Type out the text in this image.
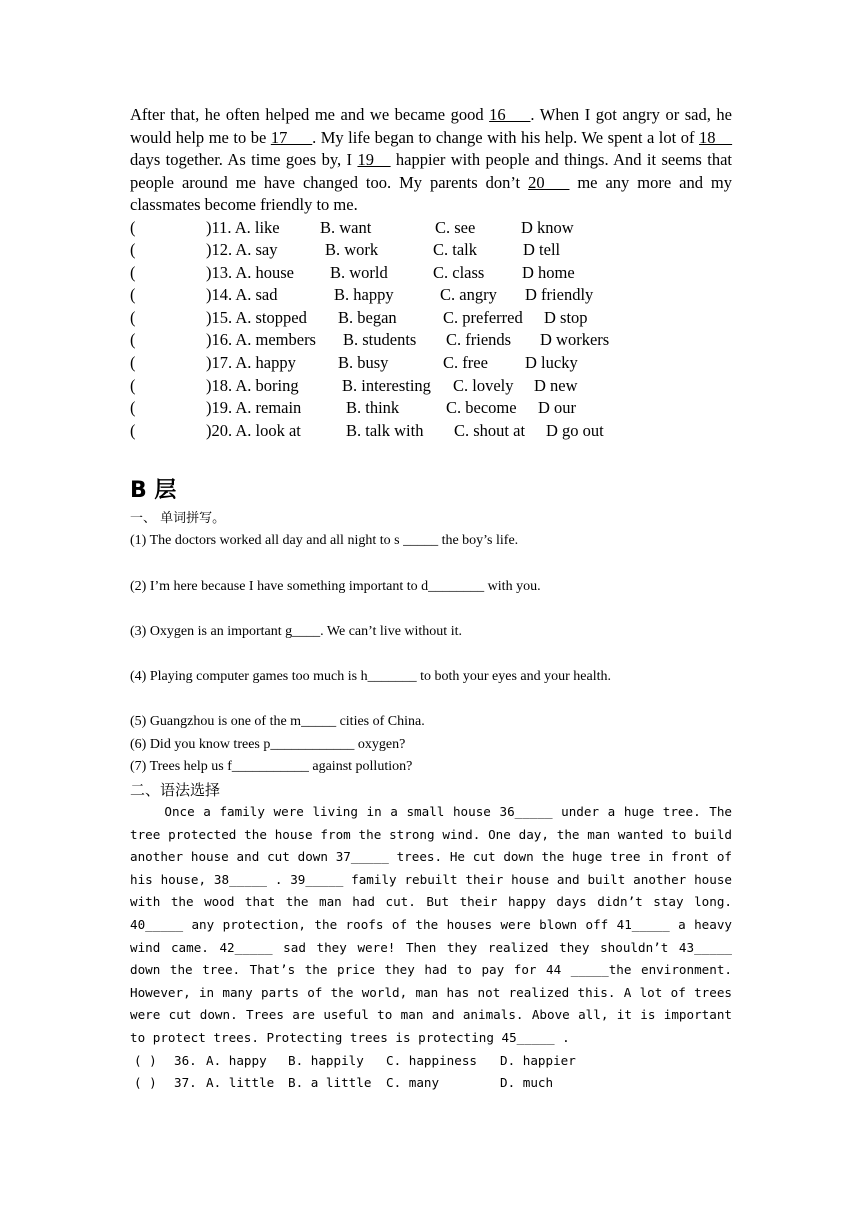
After that, he often helped me and we became good 16___. When I got angry or sad, he would help me to be 17___. My life began to change with his help. We spent a lot of 18__ days together. As time goes by, I 19__ happier with people and things. And it seems that people around me have changed too. My parents don’t 20___ me any more and my classmates become friendly to me.

(	)11. A. like B. want	C. see	D know
(	)12. A. say	B. work	C. talk	D tell
(	)13. A. house B. world	C. class D home
(	)14. A. sad	B. happy	C. angry D friendly
(	)15. A. stopped B. began	C. preferred D stop
(	)16. A. members B. students C. friends D workers
(	)17. A. happy	B. busy	C. free D lucky
(	)18. A. boring	B. interesting C. lovely D new
(	)19. A. remain	B. think	C. become D our
(	)20. A. look at	B. talk with C. shout at D go out
B 层

一、 单词拼写。

(1) The doctors worked all day and all night to s _____ the boy’s life.

(2) I’m here because I have something important to d________ with you.

(3) Oxygen is an important g____. We can’t live without it.

(4) Playing computer games too much is h_______ to both your eyes and your health.

(5) Guangzhou is one of the m_____ cities of China.

(6) Did you know trees p____________ oxygen?

(7) Trees help us f___________ against pollution?

二、语法选择

Once a family were living in a small house 36_____ under a huge tree. The tree protected the house from the strong wind. One day, the man wanted to build another house and cut down 37_____ trees. He cut down the huge tree in front of his house, 38_____ . 39_____ family rebuilt their house and built another house with the wood that the man had cut. But their happy days didn’t stay long. 40_____ any protection, the roofs of the houses were blown off 41_____ a heavy wind came. 42_____ sad they were! Then they realized they shouldn’t 43_____ down the tree. That’s the price they had to pay for 44 _____the environment. However, in many parts of the world, man has not realized this. A lot of trees were cut down. Trees are useful to man and animals. Above all, it is important to protect trees. Protecting trees is protecting 45_____ .

( ) 36. A. happy B. happily C. happiness D. happier
( ) 37. A. little B. a little C. many	D. much
